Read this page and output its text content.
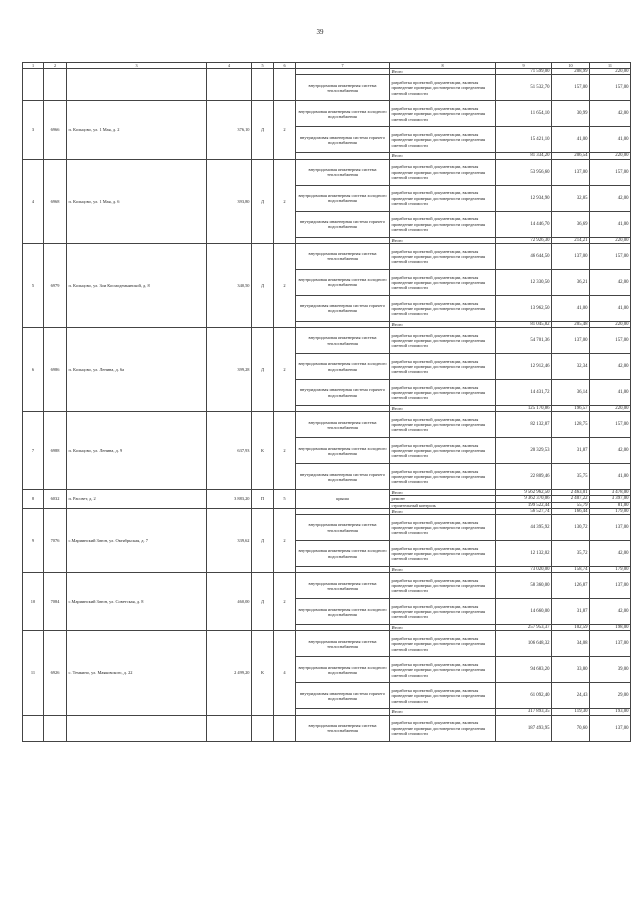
39
1	2	3	4	5	6	7	8	9	10	11
							Итого	71 599,00	208,99	220,00
						внутридомовая инженерная система теплоснабжения	разработка проектной документации, включая проведение проверки достоверности определения сметной стоимости	51 532,70	157,00	157,00
3	6966	п. Кольцово, ул. 1 Мая, д. 2	376,10	Д	2	внутридомовая инженерная система холодного водоснабжения	разработка проектной документации, включая проведение проверки достоверности определения сметной стоимости	11 654,10	30,99	42,00
						внутридомовая инженерная система горячего водоснабжения	разработка проектной документации, включая проведение проверки достоверности определения сметной стоимости	15 421,10	41,00	41,00
							Итого	81 334,20	206,54	220,00
4	6968	п. Кольцово, ул. 1 Мая, д. 6	393,80	Д	2	внутридомовая инженерная система теплоснабжения	разработка проектной документации, включая проведение проверки достоверности определения сметной стоимости	53 956,60	137,00	157,00
						внутридомовая инженерная система холодного водоснабжения	разработка проектной документации, включая проведение проверки достоверности определения сметной стоимости	12 934,90	32,85	42,00
						внутридомовая инженерная система горячего водоснабжения	разработка проектной документации, включая проведение проверки достоверности определения сметной стоимости	14 446,70	36,69	41,00
							Итого	72 926,30	214,21	220,00
5	6979	п. Кольцово, ул. Зои Космодемьянской, д. 8	340,50	Д	2	внутридомовая инженерная система теплоснабжения	разработка проектной документации, включая проведение проверки достоверности определения сметной стоимости	46 644,50	137,00	157,00
						внутридомовая инженерная система холодного водоснабжения	разработка проектной документации, включая проведение проверки достоверности определения сметной стоимости	12 330,50	36,21	42,00
						внутридомовая инженерная система горячего водоснабжения	разработка проектной документации, включая проведение проверки достоверности определения сметной стоимости	13 962,50	41,00	41,00
							Итого	81 045,82	205,48	220,00
6	6986	п. Кольцово, ул. Ленина, д. 6а	399,28	Д	2	внутридомовая инженерная система теплоснабжения	разработка проектной документации, включая проведение проверки достоверности определения сметной стоимости	54 701,36	137,00	157,00
						внутридомовая инженерная система холодного водоснабжения	разработка проектной документации, включая проведение проверки достоверности определения сметной стоимости	12 912,46	32,34	42,00
						внутридомовая инженерная система горячего водоснабжения	разработка проектной документации, включая проведение проверки достоверности определения сметной стоимости	14 431,72	36,14	41,00
							Итого	125 170,86	196,57	220,00
7	6988	п. Кольцово, ул. Ленина, д. 9	637,93	К	2	внутридомовая инженерная система теплоснабжения	разработка проектной документации, включая проведение проверки достоверности определения сметной стоимости	82 132,87	128,75	157,00
						внутридомовая инженерная система холодного водоснабжения	разработка проектной документации, включая проведение проверки достоверности определения сметной стоимости	20 329,53	31,87	42,00
						внутридомовая инженерная система горячего водоснабжения	разработка проектной документации, включая проведение проверки достоверности определения сметной стоимости	22 809,46	35,75	41,00
8	6032	п. Рассвет, д. 2	3 883,20	П	5	крыша	Итого	9 562 962,50	2 463,01	3 478,00
							ремонт	9 362 370,06	2 407,22	3 397,00
							строительный контроль	199 522,44	55,79	81,00
9	7076	с.Мариинский Затон, ул. Октябрьская, д. 7	339,62	Д	2		Итого	56 527,74	166,44	179,00
						внутридомовая инженерная система теплоснабжения	разработка проектной документации, включая проведение проверки достоверности определения сметной стоимости	44 395,92	130,72	137,00
						внутридомовая инженерная система холодного водоснабжения	разработка проектной документации, включая проведение проверки достоверности определения сметной стоимости	12 132,02	35,72	42,00
							Итого	73 020,00	158,74	179,00
10	7084	с.Мариинский Затон, ул. Советская, д. 8	460,00	Д	2	внутридомовая инженерная система теплоснабжения	разработка проектной документации, включая проведение проверки достоверности определения сметной стоимости	58 360,00	126,87	137,00
						внутридомовая инженерная система холодного водоснабжения	разработка проектной документации, включая проведение проверки достоверности определения сметной стоимости	14 660,00	31,87	42,00
							Итого	257 953,37	102,59	198,00
11	6926	с. Темкино, ул. Маяковского, д. 22	2 499,20	К	4	внутридомовая инженерная система теплоснабжения	разработка проектной документации, включая проведение проверки достоверности определения сметной стоимости	106 648,32	34,08	137,00
						внутридомовая инженерная система холодного водоснабжения	разработка проектной документации, включая проведение проверки достоверности определения сметной стоимости	94 683,20	33,80	39,00
						внутридомовая инженерная система горячего водоснабжения	разработка проектной документации, включая проведение проверки достоверности определения сметной стоимости	61 092,40	24,43	29,00
							Итого	317 893,35	119,30	193,00
						внутридомовая инженерная система теплоснабжения	разработка проектной документации, включая проведение проверки достоверности определения сметной стоимости	187 493,95	70,60	137,00
